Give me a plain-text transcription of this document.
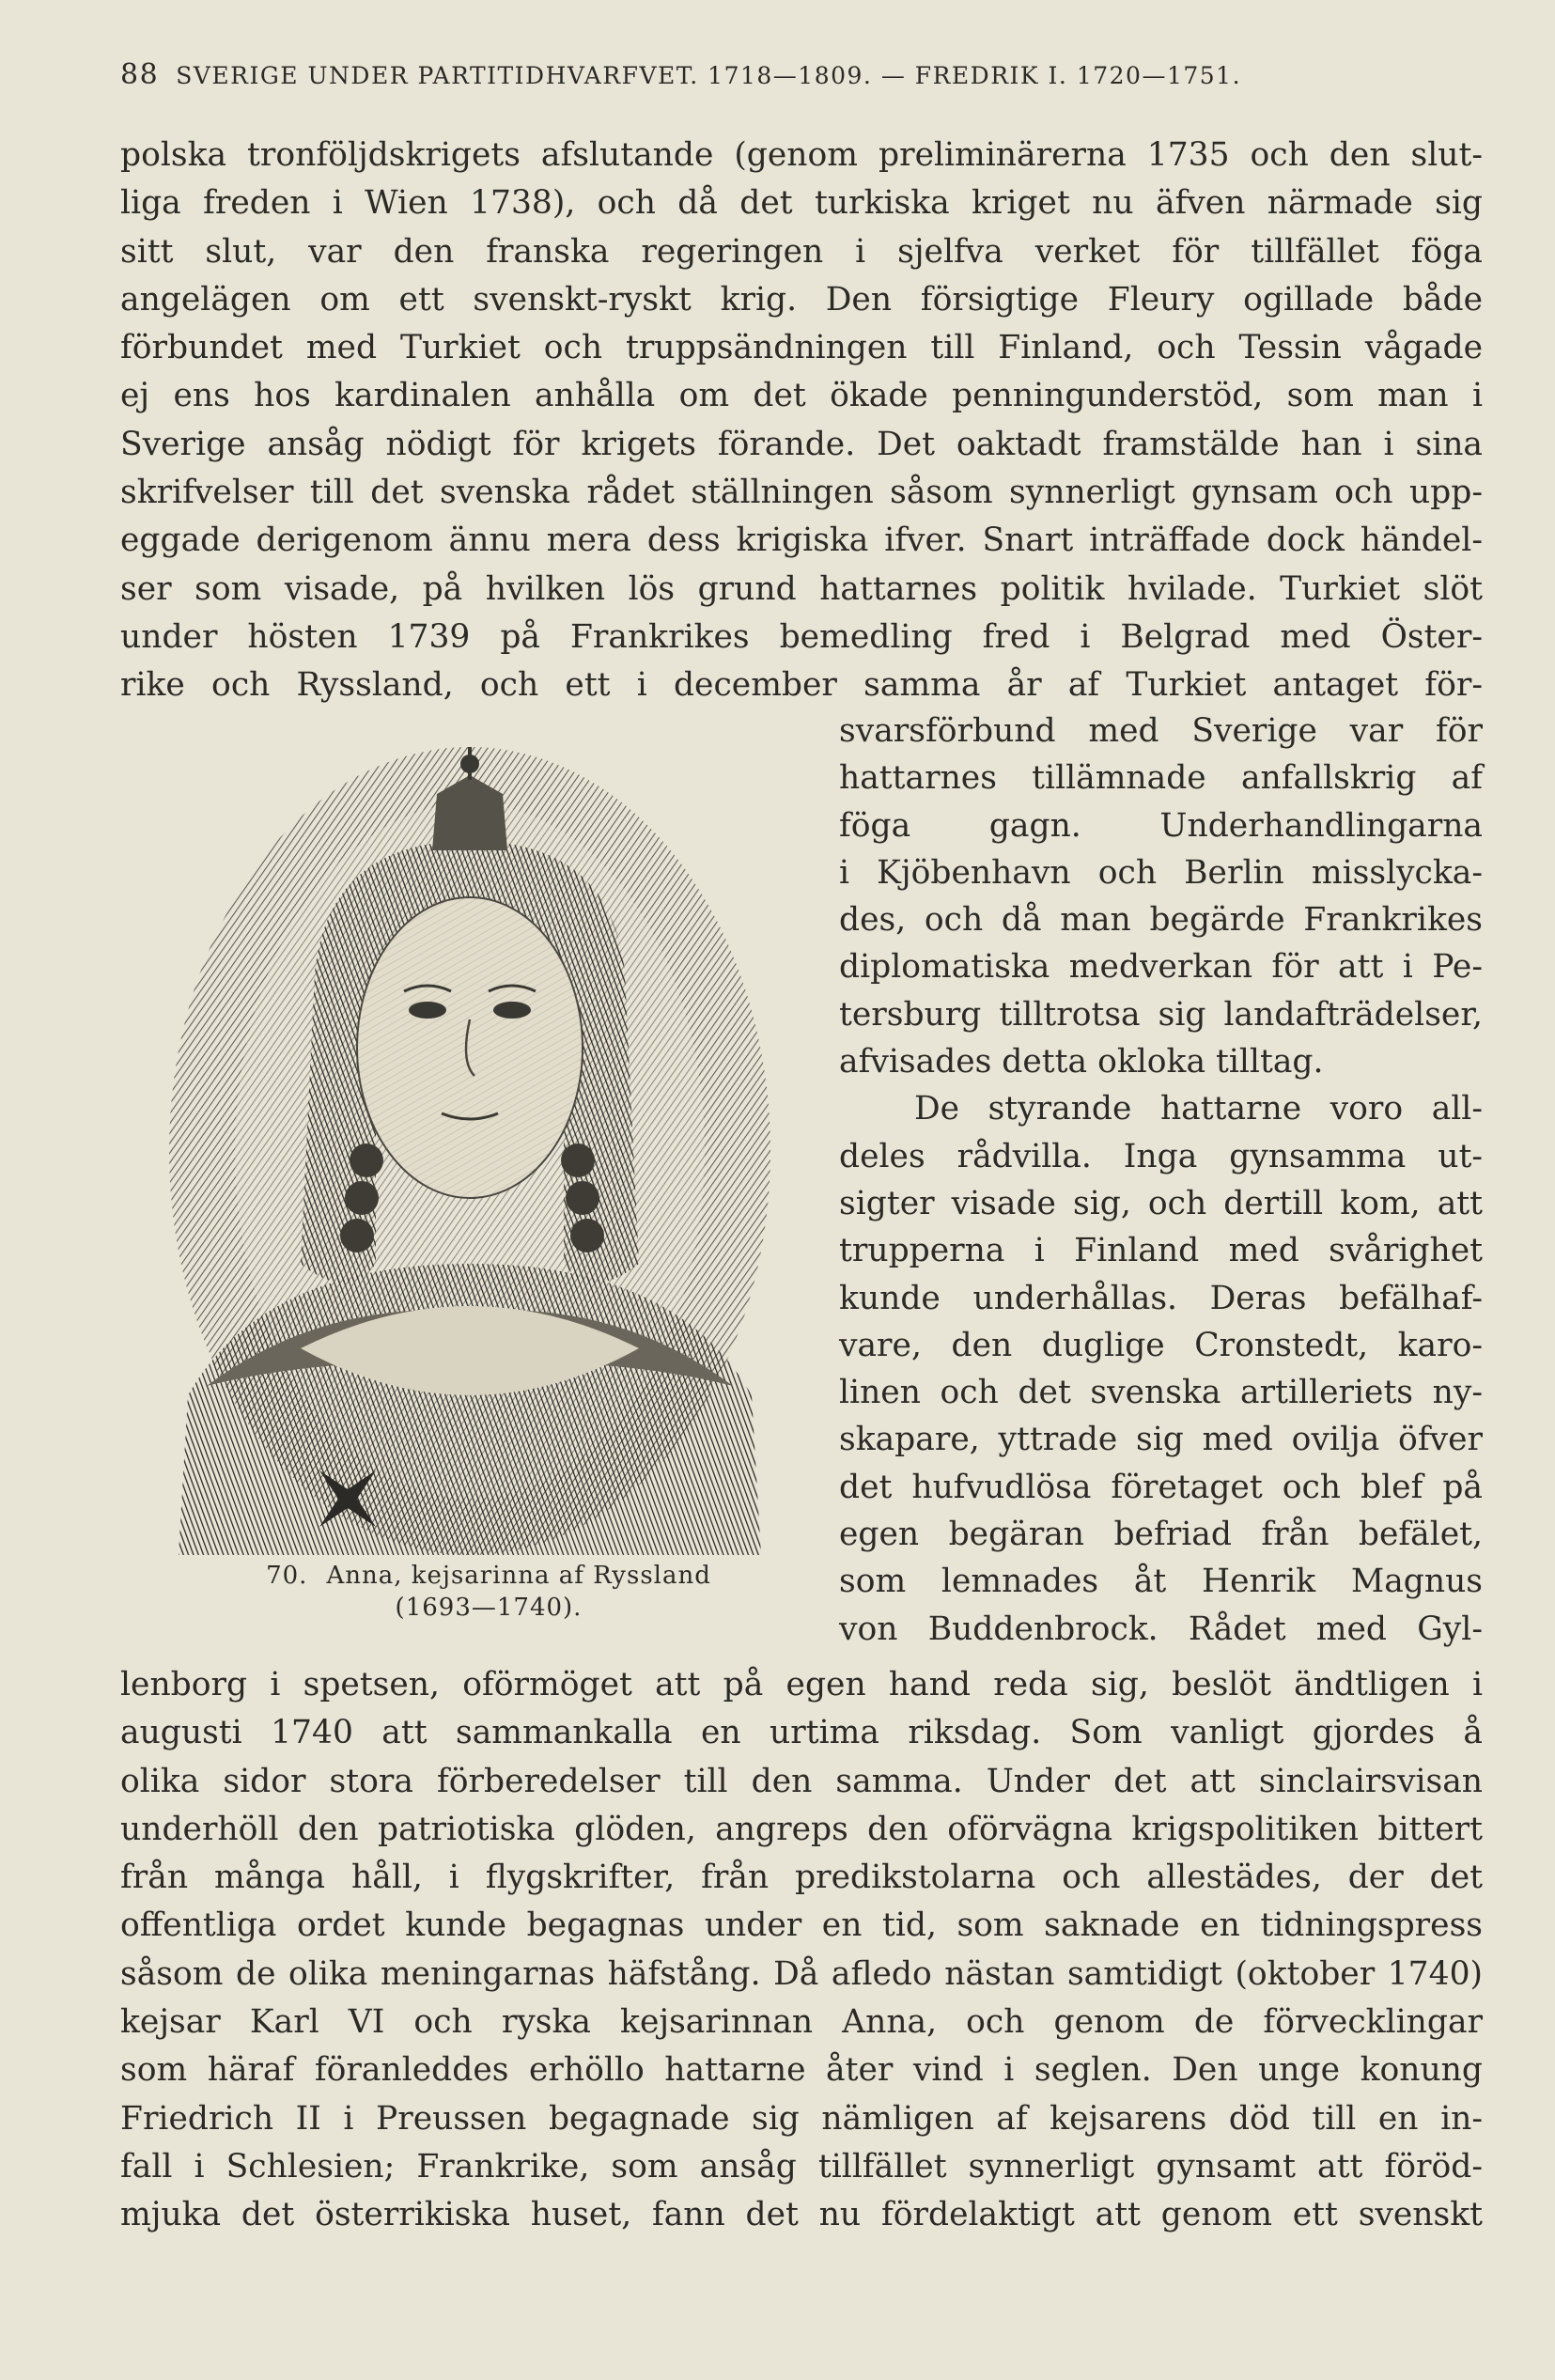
88 SVERIGE UNDER PARTITIDHVARFVET. 1718—1809. — FREDRIK I. 1720—1751.
polska tronföljdskrigets afslutande (genom preliminärerna 1735 och den slut-
liga freden i Wien 1738), och då det turkiska kriget nu äfven närmade sig
sitt slut, var den franska regeringen i sjelfva verket för tillfället föga
angelägen om ett svenskt-ryskt krig. Den försigtige Fleury ogillade både
förbundet med Turkiet och truppsändningen till Finland, och Tessin vågade
ej ens hos kardinalen anhålla om det ökade penningunderstöd, som man i
Sverige ansåg nödigt för krigets förande. Det oaktadt framstälde han i sina
skrifvelser till det svenska rådet ställningen såsom synnerligt gynsam och upp-
eggade derigenom ännu mera dess krigiska ifver. Snart inträffade dock händel-
ser som visade, på hvilken lös grund hattarnes politik hvilade. Turkiet slöt
under hösten 1739 på Frankrikes bemedling fred i Belgrad med Öster-
rike och Ryssland, och ett i december samma år af Turkiet antaget för-
svarsförbund med Sverige var för
hattarnes tillämnade anfallskrig af
föga gagn. Underhandlingarna
i Kjöbenhavn och Berlin misslycka-
des, och då man begärde Frankrikes
diplomatiska medverkan för att i Pe-
tersburg tilltrotsa sig landafträdelser,
afvisades detta okloka tilltag.
De styrande hattarne voro all-
deles rådvilla. Inga gynsamma ut-
sigter visade sig, och dertill kom, att
trupperna i Finland med svårighet
kunde underhållas. Deras befälhaf-
vare, den duglige Cronstedt, karo-
linen och det svenska artilleriets ny-
skapare, yttrade sig med ovilja öfver
det hufvudlösa företaget och blef på
egen begäran befriad från befälet,
som lemnades åt Henrik Magnus
von Buddenbrock. Rådet med Gyl-
70. Anna, kejsarinna af Ryssland
(1693—1740).
lenborg i spetsen, oförmöget att på egen hand reda sig, beslöt ändtligen i
augusti 1740 att sammankalla en urtima riksdag. Som vanligt gjordes å
olika sidor stora förberedelser till den samma. Under det att sinclairsvisan
underhöll den patriotiska glöden, angreps den oförvägna krigspolitiken bittert
från många håll, i flygskrifter, från predikstolarna och allestädes, der det
offentliga ordet kunde begagnas under en tid, som saknade en tidningspress
såsom de olika meningarnas häfstång. Då afledo nästan samtidigt (oktober 1740)
kejsar Karl VI och ryska kejsarinnan Anna, och genom de förvecklingar
som häraf föranleddes erhöllo hattarne åter vind i seglen. Den unge konung
Friedrich II i Preussen begagnade sig nämligen af kejsarens död till en in-
fall i Schlesien; Frankrike, som ansåg tillfället synnerligt gynsamt att föröd-
mjuka det österrikiska huset, fann det nu fördelaktigt att genom ett svenskt
